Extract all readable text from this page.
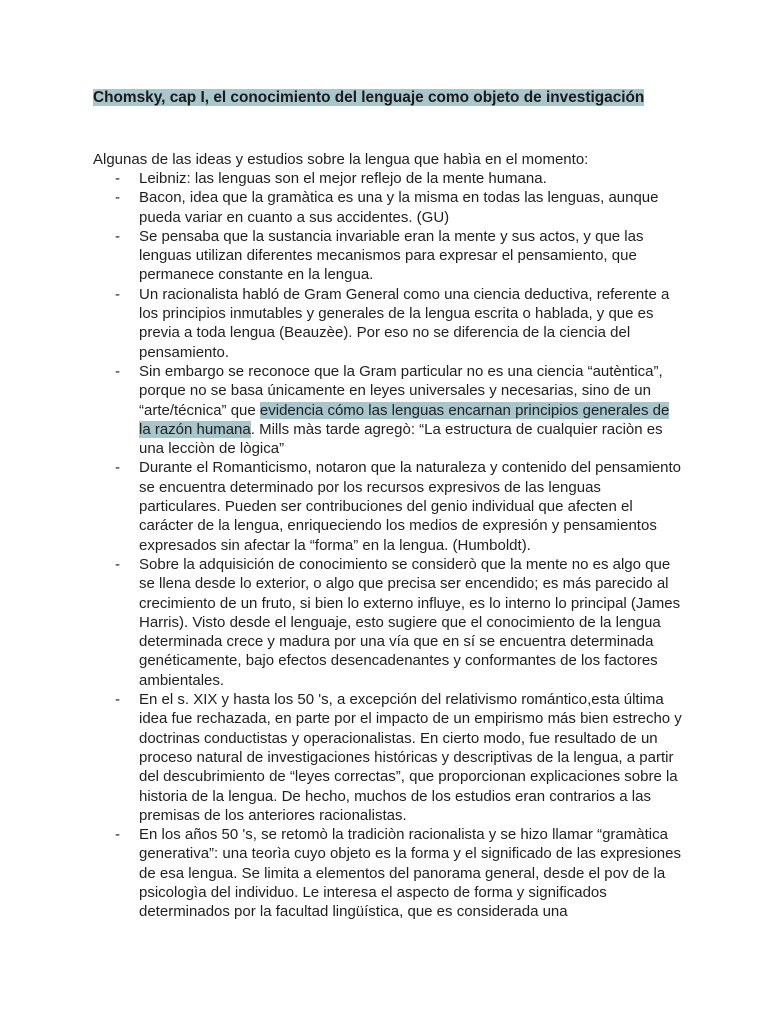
Chomsky, cap I, el conocimiento del lenguaje como objeto de investigación

Algunas de las ideas y estudios sobre la lengua que habìa en el momento:

- Leibniz: las lenguas son el mejor reflejo de la mente humana.
- Bacon, idea que la gramàtica es una y la misma en todas las lenguas, aunque pueda variar en cuanto a sus accidentes. (GU)
- Se pensaba que la sustancia invariable eran la mente y sus actos, y que las lenguas utilizan diferentes mecanismos para expresar el pensamiento, que permanece constante en la lengua.
- Un racionalista habló de Gram General como una ciencia deductiva, referente a los principios inmutables y generales de la lengua escrita o hablada, y que es previa a toda lengua (Beauzèe). Por eso no se diferencia de la ciencia del pensamiento.
- Sin embargo se reconoce que la Gram particular no es una ciencia “autèntica”, porque no se basa únicamente en leyes universales y necesarias, sino de un “arte/técnica” que evidencia cómo las lenguas encarnan principios generales de la razón humana. Mills màs tarde agregò: “La estructura de cualquier raciòn es una lecciòn de lògica”
- Durante el Romanticismo, notaron que la naturaleza y contenido del pensamiento se encuentra determinado por los recursos expresivos de las lenguas particulares. Pueden ser contribuciones del genio individual que afecten el carácter de la lengua, enriqueciendo los medios de expresión y pensamientos expresados sin afectar la “forma” en la lengua. (Humboldt).
- Sobre la adquisición de conocimiento se considerò que la mente no es algo que se llena desde lo exterior, o algo que precisa ser encendido; es más parecido al crecimiento de un fruto, si bien lo externo influye, es lo interno lo principal (James Harris). Visto desde el lenguaje, esto sugiere que el conocimiento de la lengua determinada crece y madura por una vía que en sí se encuentra determinada genéticamente, bajo efectos desencadenantes y conformantes de los factores ambientales.
- En el s. XIX y hasta los 50 's, a excepción del relativismo romántico,esta última idea fue rechazada, en parte por el impacto de un empirismo más bien estrecho y doctrinas conductistas y operacionalistas. En cierto modo, fue resultado de un proceso natural de investigaciones históricas y descriptivas de la lengua, a partir del descubrimiento de “leyes correctas”, que proporcionan explicaciones sobre la historia de la lengua. De hecho, muchos de los estudios eran contrarios a las premisas de los anteriores racionalistas.
- En los años 50 's, se retomò la tradiciòn racionalista y se hizo llamar “gramàtica generativa”: una teorìa cuyo objeto es la forma y el significado de las expresiones de esa lengua. Se limita a elementos del panorama general, desde el pov de la psicologìa del individuo. Le interesa el aspecto de forma y significados determinados por la facultad lingüística, que es considerada una
